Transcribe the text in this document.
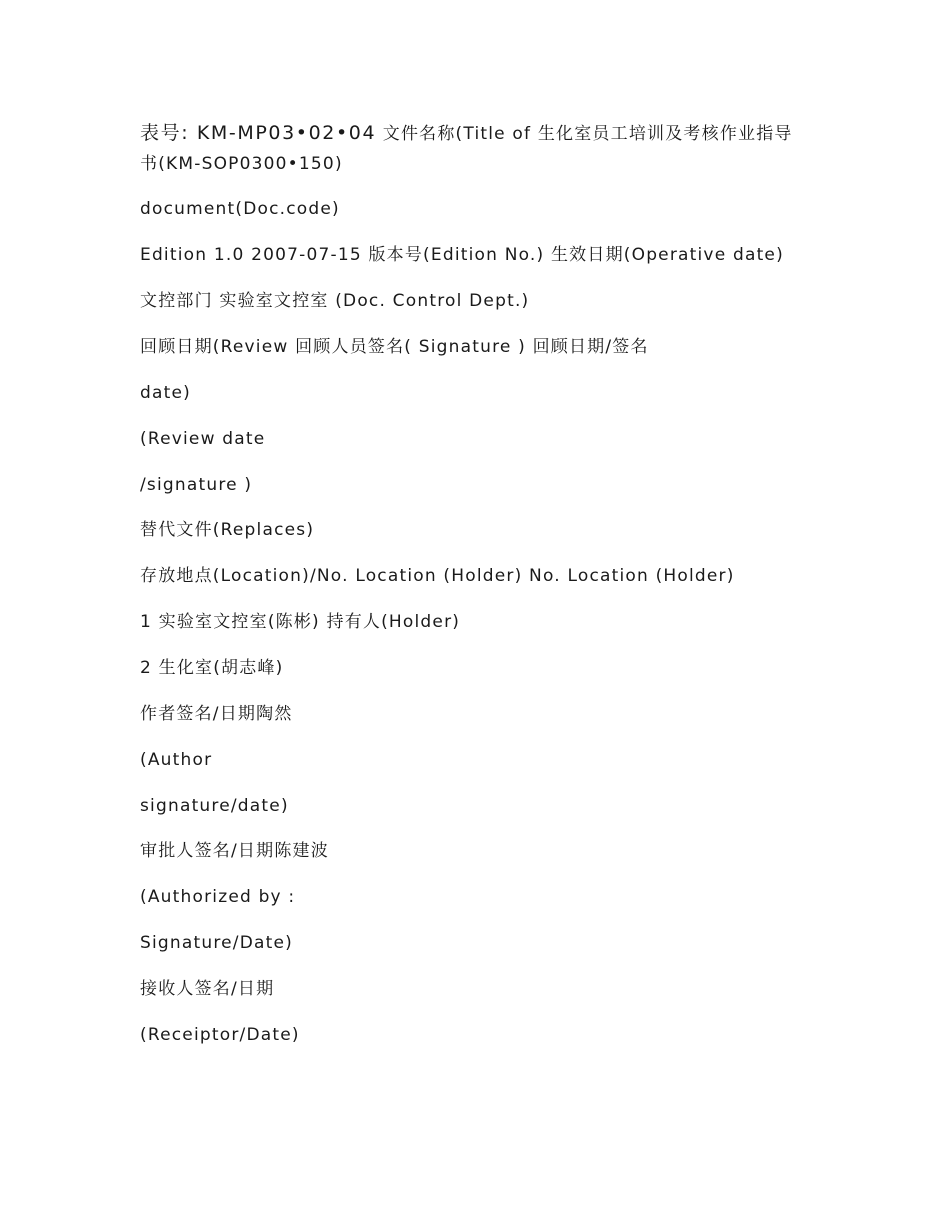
表号: KM-MP03•02•04 文件名称(Title of 生化室员工培训及考核作业指导
书(KM-SOP0300•150)
document(Doc.code)
Edition 1.0 2007-07-15 版本号(Edition No.) 生效日期(Operative date)
文控部门 实验室文控室 (Doc. Control Dept.)
回顾日期(Review 回顾人员签名( Signature ) 回顾日期/签名
date)
(Review date
/signature )
替代文件(Replaces)
存放地点(Location)/No. Location (Holder) No. Location (Holder)
1 实验室文控室(陈彬) 持有人(Holder)
2 生化室(胡志峰)
作者签名/日期陶然
(Author
signature/date)
审批人签名/日期陈建波
(Authorized by :
Signature/Date)
接收人签名/日期
(Receiptor/Date)
